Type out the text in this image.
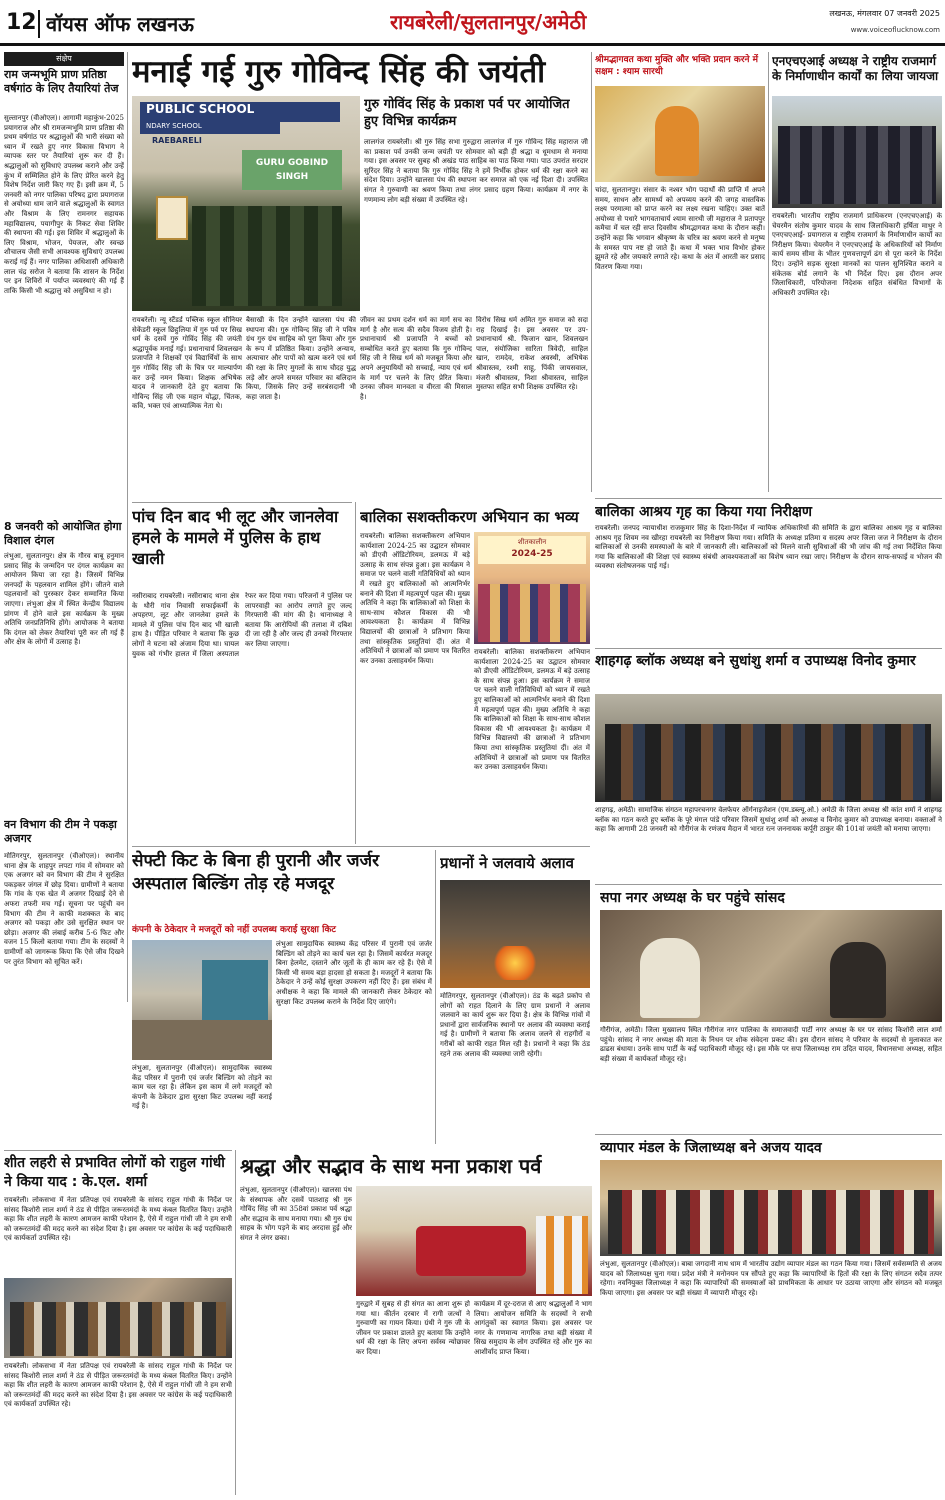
12 वॉयस ऑफ लखनऊ	रायबरेली/सुलतानपुर/अमेठी	लखनऊ, मंगलवार 07 जनवरी 2025
www.voiceoflucknow.com
संक्षेप
राम जन्मभूमि प्राण प्रतिष्ठा वर्षगांठ के लिए तैयारियां तेज
सुल्तानपुर (वीओएल)। आगामी महाकुंभ-2025 प्रयागराज और श्री रामजन्मभूमि प्राण प्रतिष्ठा की प्रथम वर्षगांठ पर श्रद्धालुओं की भारी संख्या को ध्यान में रखते हुए नगर विकास विभाग ने व्यापक स्तर पर तैयारियां शुरू कर दी हैं। श्रद्धालुओं को सुविधाएं उपलब्ध कराने और उन्हें कुंभ में सम्मिलित होने के लिए प्रेरित करने हेतु विशेष निर्देश जारी किए गए हैं। इसी क्रम में, 5 जनवरी को नगर पालिका परिषद द्वारा प्रयागराज से अयोध्या धाम जाने वाले श्रद्धालुओं के स्वागत और विश्राम के लिए रामनगर सहायक महाविद्यालय, पयागीपुर के निकट सेवा शिविर की स्थापना की गई। इस शिविर में श्रद्धालुओं के लिए विश्राम, भोजन, पेयजल, और स्वच्छ शौचालय जैसी सभी आवश्यक सुविधाएं उपलब्ध कराई गई हैं। नगर पालिका अधिशासी अधिकारी लाल चंद्र सरोज ने बताया कि शासन के निर्देश पर इन शिविरों में पर्याप्त व्यवस्थाएं की गई हैं ताकि किसी भी श्रद्धालु को असुविधा न हो।
8 जनवरी को आयोजित होगा विशाल दंगल
लंभुआ, सुलतानपुर। क्षेत्र के गौरव बाबू हनुमान प्रसाद सिंह के जन्मदिन पर दंगल कार्यक्रम का आयोजन किया जा रहा है। जिसमें विभिन्न जनपदों के पहलवान शामिल होंगे। जीतने वाले पहलवानों को पुरस्कार देकर सम्मानित किया जाएगा। लंभुआ क्षेत्र में स्थित केन्द्रीय विद्यालय प्रांगण में होने वाले इस कार्यक्रम के मुख्य अतिथि जनप्रतिनिधि होंगे। आयोजक ने बताया कि दंगल को लेकर तैयारियां पूरी कर ली गई हैं और क्षेत्र के लोगों में उत्साह है।
वन विभाग की टीम ने पकड़ा अजगर
मोतिगरपुर, सुलतानपुर (वीओएल)। स्थानीय थाना क्षेत्र के शाहपुर लपटा गांव में सोमवार को एक अजगर को वन विभाग की टीम ने सुरक्षित पकड़कर जंगल में छोड़ दिया। ग्रामीणों ने बताया कि गांव के एक खेत में अजगर दिखाई देने से अफरा तफरी मच गई। सूचना पर पहुंची वन विभाग की टीम ने काफी मशक्कत के बाद अजगर को पकड़ा और उसे सुरक्षित स्थान पर छोड़ा। अजगर की लंबाई करीब 5-6 फिट और वजन 15 किलो बताया गया। टीम के सदस्यों ने ग्रामीणों को जागरूक किया कि ऐसे जीव दिखने पर तुरंत विभाग को सूचित करें।
मनाई गई गुरु गोविन्द सिंह की जयंती
PUBLIC SCHOOL
NDARY SCHOOL
RAEBARELI
GURU GOBIND SINGH
गुरु गोविंद सिंह के प्रकाश पर्व पर आयोजित हुए विभिन्न कार्यक्रम
लालगंज रायबरेली। श्री गुरु सिंह सभा गुरुद्वारा लालगंज में गुरु गोविन्द सिंह महाराज जी का प्रकाश पर्व उनकी जन्म जयंती पर सोमवार को बड़ी ही श्रद्धा व धूमधाम से मनाया गया। इस अवसर पर सुबह श्री अखंड पाठ साहिब का पाठ किया गया। पाठ उपरांत सरदार सुरिंदर सिंह ने बताया कि गुरु गोविंद सिंह ने हमें निर्भीक होकर धर्म की रक्षा करने का संदेश दिया। उन्होंने खालसा पंथ की स्थापना कर समाज को एक नई दिशा दी। उपस्थित संगत ने गुरुवाणी का श्रवण किया तथा लंगर प्रसाद ग्रहण किया। कार्यक्रम में नगर के गणमान्य लोग बड़ी संख्या में उपस्थित रहे।
रायबरेली। न्यू स्टैंडर्ड पब्लिक स्कूल सीनियर सेकेंडरी स्कूल छिहुलिया में गुरु पर्व पर सिख धर्म के दसवें गुरु गोविंद सिंह की जयंती श्रद्धापूर्वक मनाई गई। प्रधानाचार्य शिवलखन प्रजापति ने शिक्षकों एवं विद्यार्थियों के साथ गुरु गोविंद सिंह जी के चित्र पर माल्यार्पण कर उन्हें नमन किया। शिक्षक अभिषेक यादव ने जानकारी देते हुए बताया कि गोविन्द सिंह जी एक महान योद्धा, चिंतक, कवि, भक्त एवं आध्यात्मिक नेता थे।
बैसाखी के दिन उन्होंने खालसा पंथ की स्थापना की। गुरु गोविन्द सिंह जी ने पवित्र ग्रंथ गुरु ग्रंथ साहिब को पूरा किया और गुरु के रूप में प्रतिष्ठित किया। उन्होंने अन्याय, अत्याचार और पापों को खत्म करने एवं धर्म की रक्षा के लिए मुगलों के साथ चौदह युद्ध लड़े और अपने समस्त परिवार का बलिदान किया, जिसके लिए उन्हें सरबंसदानी भी कहा जाता है।
जीवन का प्रथम दर्शन धर्म का मार्ग सच का मार्ग है और सत्य की सदैव विजय होती है। प्रधानाचार्य श्री प्रजापति ने बच्चों को सम्बोधित करते हुए बताया कि गुरु गोविन्द सिंह जी ने सिख धर्म को मजबूत किया और अपने अनुयायियों को सच्चाई, न्याय एवं धर्म के मार्ग पर चलने के लिए प्रेरित किया। उनका जीवन मानवता व वीरता की मिसाल है।
विरोध सिख धर्म अमित गुरु समाज को सदा राह दिखाई है। इस अवसर पर उप-प्रधानाचार्य श्री. फिजान खान, शिवलखन पाल, संयोजिका सारिता त्रिवेदी, साहिल खान, रामदेव, राकेश अवस्थी, अभिषेक श्रीवास्तव, रश्मी साहू, पिंकी जायसवाल, मंजरी श्रीवास्तव, निशा श्रीवास्तव, साहिल मुस्तफा सहित सभी शिक्षक उपस्थित रहे।
श्रीमद्भागवत कथा मुक्ति और भक्ति प्रदान करने में सक्षम : श्याम सारथी
चांदा, सुलतानपुर। संसार के नश्वर भोग पदार्थों की प्राप्ति में अपने समय, साधन और सामर्थ्य को अपव्यय करने की जगह वास्तविक लक्ष्य परमात्मा को प्राप्त करने का लक्ष्य रखना चाहिए। उक्त बातें अयोध्या से पधारे भागवताचार्य श्याम सारथी जी महाराज ने प्रतापपुर कमैचा में चल रही सप्त दिवसीय श्रीमद्भागवत कथा के दौरान कही। उन्होंने कहा कि भगवान श्रीकृष्ण के चरित्र का श्रवण करने से मनुष्य के समस्त पाप नष्ट हो जाते हैं। कथा में भक्त भाव विभोर होकर झूमते रहे और जयकारे लगाते रहे। कथा के अंत में आरती कर प्रसाद वितरण किया गया।
एनएचएआई अध्यक्ष ने राष्ट्रीय राजमार्ग के निर्माणाधीन कार्यों का लिया जायजा
रायबरेली। भारतीय राष्ट्रीय राजमार्ग प्राधिकरण (एनएचएआई) के चेयरमैन संतोष कुमार यादव के साथ जिलाधिकारी हर्षिता माथुर ने एनएचएआई- प्रयागराज व राष्ट्रीय राजमार्ग के निर्माणाधीन कार्यों का निरीक्षण किया। चेयरमैन ने एनएचएआई के अधिकारियों को निर्माण कार्य समय सीमा के भीतर गुणवत्तापूर्ण ढंग से पूरा करने के निर्देश दिए। उन्होंने सड़क सुरक्षा मानकों का पालन सुनिश्चित कराने व संकेतक बोर्ड लगाने के भी निर्देश दिए। इस दौरान अपर जिलाधिकारी, परियोजना निदेशक सहित संबंधित विभागों के अधिकारी उपस्थित रहे।
बालिका आश्रय गृह का किया गया निरीक्षण
रायबरेली। जनपद न्यायाधीश राजकुमार सिंह के दिशा-निर्देश में न्यायिक अधिकारियों की समिति के द्वारा बालिका आश्रय गृह व बालिका आश्रय गृह शिवम नव खीरहा रायबरेली का निरीक्षण किया गया। समिति के अध्यक्ष प्रतिमा व सदस्य अपर जिला जज ने निरीक्षण के दौरान बालिकाओं से उनकी समस्याओं के बारे में जानकारी ली। बालिकाओं को मिलने वाली सुविधाओं की भी जांच की गई तथा निर्देशित किया गया कि बालिकाओं की शिक्षा एवं स्वास्थ्य संबंधी आवश्यकताओं का विशेष ध्यान रखा जाए। निरीक्षण के दौरान साफ-सफाई व भोजन की व्यवस्था संतोषजनक पाई गई।
शाहगढ़ ब्लॉक अध्यक्ष बने सुधांशु शर्मा व उपाध्यक्ष विनोद कुमार
शाहगढ़, अमेठी। सामाजिक संगठन महापरचनगर वेलफेयर ऑर्गनाइजेशन (एम.डब्ल्यू.ओ.) अमेठी के जिला अध्यक्ष श्री कांत शर्मा ने शाहगढ़ ब्लॉक का गठन करते हुए ब्लॉक के पूरे मंगल पांडे परिवार जिसमें सुधांशु शर्मा को अध्यक्ष व विनोद कुमार को उपाध्यक्ष बनाया। वक्ताओं ने कहा कि आगामी 28 जनवरी को गौरीगंज के रणंजय मैदान में भारत रत्न जननायक कर्पूरी ठाकुर की 101वां जयंती को मनाया जाएगा।
सपा नगर अध्यक्ष के घर पहुंचे सांसद
गौरीगंज, अमेठी। जिला मुख्यालय स्थित गौरीगंज नगर पालिका के समाजवादी पार्टी नगर अध्यक्ष के घर पर सांसद किशोरी लाल शर्मा पहुंचे। सांसद ने नगर अध्यक्ष की माता के निधन पर शोक संवेदना प्रकट की। इस दौरान सांसद ने परिवार के सदस्यों से मुलाकात कर ढाढस बंधाया। उनके साथ पार्टी के कई पदाधिकारी मौजूद रहे। इस मौके पर सपा जिलाध्यक्ष राम उदित यादव, विधानसभा अध्यक्ष, सहित बड़ी संख्या में कार्यकर्ता मौजूद रहे।
व्यापार मंडल के जिलाध्यक्ष बने अजय यादव
लंभुआ, सुलतानपुर (वीओएल)। बाबा जगदानी नाथ धाम में भारतीय उद्योग व्यापार मंडल का गठन किया गया। जिसमें सर्वसम्मति से अजय यादव को जिलाध्यक्ष चुना गया। प्रदेश मंत्री ने मनोनयन पत्र सौंपते हुए कहा कि व्यापारियों के हितों की रक्षा के लिए संगठन सदैव तत्पर रहेगा। नवनियुक्त जिलाध्यक्ष ने कहा कि व्यापारियों की समस्याओं को प्राथमिकता के आधार पर उठाया जाएगा और संगठन को मजबूत किया जाएगा। इस अवसर पर बड़ी संख्या में व्यापारी मौजूद रहे।
पांच दिन बाद भी लूट और जानलेवा हमले के मामले में पुलिस के हाथ खाली
नसीराबाद रायबरेली। नसीराबाद थाना क्षेत्र के थौरी गांव निवासी सफाईकर्मी के अपहरण, लूट और जानलेवा हमले के मामले में पुलिस पांच दिन बाद भी खाली हाथ है। पीड़ित परिवार ने बताया कि कुछ लोगों ने घटना को अंजाम दिया था। घायल युवक को गंभीर हालत में जिला अस्पताल रेफर कर दिया गया। परिजनों ने पुलिस पर लापरवाही का आरोप लगाते हुए जल्द गिरफ्तारी की मांग की है। थानाध्यक्ष ने बताया कि आरोपियों की तलाश में दबिश दी जा रही है और जल्द ही उनको गिरफ्तार कर लिया जाएगा।
बालिका सशक्तीकरण अभियान का भव्य
रायबरेली। बालिका सशक्तीकरण अभियान कार्यशाला 2024-25 का उद्घाटन सोमवार को डीएवी ऑडिटोरियम, डलमऊ में बड़े उत्साह के साथ संपन्न हुआ। इस कार्यक्रम ने समाज पर चलने वाली गतिविधियों को ध्यान में रखते हुए बालिकाओं को आत्मनिर्भर बनाने की दिशा में महत्वपूर्ण पहल की। मुख्य अतिथि ने कहा कि बालिकाओं को शिक्षा के साथ-साथ कौशल विकास की भी आवश्यकता है। कार्यक्रम में विभिन्न विद्यालयों की छात्राओं ने प्रतिभाग किया तथा सांस्कृतिक प्रस्तुतियां दीं। अंत में अतिथियों ने छात्राओं को प्रमाण पत्र वितरित कर उनका उत्साहवर्धन किया।
शीतकालीन
2024-25
रायबरेली। बालिका सशक्तीकरण अभियान कार्यशाला 2024-25 का उद्घाटन सोमवार को डीएवी ऑडिटोरियम, डलमऊ में बड़े उत्साह के साथ संपन्न हुआ। इस कार्यक्रम ने समाज पर चलने वाली गतिविधियों को ध्यान में रखते हुए बालिकाओं को आत्मनिर्भर बनाने की दिशा में महत्वपूर्ण पहल की। मुख्य अतिथि ने कहा कि बालिकाओं को शिक्षा के साथ-साथ कौशल विकास की भी आवश्यकता है। कार्यक्रम में विभिन्न विद्यालयों की छात्राओं ने प्रतिभाग किया तथा सांस्कृतिक प्रस्तुतियां दीं। अंत में अतिथियों ने छात्राओं को प्रमाण पत्र वितरित कर उनका उत्साहवर्धन किया।
सेफ्टी किट के बिना ही पुरानी और जर्जर अस्पताल बिल्डिंग तोड़ रहे मजदूर
कंपनी के ठेकेदार ने मजदूरों को नहीं उपलब्ध कराई सुरक्षा किट
लंभुआ, सुलतानपुर (वीओएल)। सामुदायिक स्वास्थ्य केंद्र परिसर में पुरानी एवं जर्जर बिल्डिंग को तोड़ने का काम चल रहा है। लेकिन इस काम में लगे मजदूरों को कंपनी के ठेकेदार द्वारा सुरक्षा किट उपलब्ध नहीं कराई गई है।
लंभुआ सामुदायिक स्वास्थ्य केंद्र परिसर में पुरानी एवं जर्जर बिल्डिंग को तोड़ने का कार्य चल रहा है। जिसमें कार्यरत मजदूर बिना हेलमेट, दस्ताने और जूतों के ही काम कर रहे हैं। ऐसे में किसी भी समय बड़ा हादसा हो सकता है। मजदूरों ने बताया कि ठेकेदार ने उन्हें कोई सुरक्षा उपकरण नहीं दिए हैं। इस संबंध में अधीक्षक ने कहा कि मामले की जानकारी लेकर ठेकेदार को सुरक्षा किट उपलब्ध कराने के निर्देश दिए जाएंगे।
प्रधानों ने जलवाये अलाव
मोतिगरपुर, सुलतानपुर (वीओएल)। ठंड के बढ़ते प्रकोप से लोगों को राहत दिलाने के लिए ग्राम प्रधानों ने अलाव जलवाने का कार्य शुरू कर दिया है। क्षेत्र के विभिन्न गांवों में प्रधानों द्वारा सार्वजनिक स्थानों पर अलाव की व्यवस्था कराई गई है। ग्रामीणों ने बताया कि अलाव जलने से राहगीरों व गरीबों को काफी राहत मिल रही है। प्रधानों ने कहा कि ठंड रहने तक अलाव की व्यवस्था जारी रहेगी।
शीत लहरी से प्रभावित लोगों को राहुल गांधी ने किया याद : के.एल. शर्मा
रायबरेली। लोकसभा में नेता प्रतिपक्ष एवं रायबरेली के सांसद राहुल गांधी के निर्देश पर सांसद किशोरी लाल शर्मा ने ठंड से पीड़ित जरूरतमंदों के मध्य कंबल वितरित किए। उन्होंने कहा कि शीत लहरी के कारण आमजन काफी परेशान है, ऐसे में राहुल गांधी जी ने हम सभी को जरूरतमंदों की मदद करने का संदेश दिया है। इस अवसर पर कांग्रेस के कई पदाधिकारी एवं कार्यकर्ता उपस्थित रहे।
रायबरेली। लोकसभा में नेता प्रतिपक्ष एवं रायबरेली के सांसद राहुल गांधी के निर्देश पर सांसद किशोरी लाल शर्मा ने ठंड से पीड़ित जरूरतमंदों के मध्य कंबल वितरित किए। उन्होंने कहा कि शीत लहरी के कारण आमजन काफी परेशान है, ऐसे में राहुल गांधी जी ने हम सभी को जरूरतमंदों की मदद करने का संदेश दिया है। इस अवसर पर कांग्रेस के कई पदाधिकारी एवं कार्यकर्ता उपस्थित रहे।
श्रद्धा और सद्भाव के साथ मना प्रकाश पर्व
लंभुआ, सुलतानपुर (वीओएल)। खालसा पंथ के संस्थापक और दसवें पातशाह श्री गुरु गोविंद सिंह जी का 358वां प्रकाश पर्व श्रद्धा और सद्भाव के साथ मनाया गया। श्री गुरु ग्रंथ साहब के भोग पड़ने के बाद अरदास हुई और संगत ने लंगर छका।
गुरुद्वारे में सुबह से ही संगत का आना शुरू हो गया था। कीर्तन दरबार में रागी जत्थों ने गुरुवाणी का गायन किया। ग्रंथी ने गुरु जी के जीवन पर प्रकाश डालते हुए बताया कि उन्होंने धर्म की रक्षा के लिए अपना सर्वस्व न्योछावर कर दिया।
कार्यक्रम में दूर-दराज से आए श्रद्धालुओं ने भाग लिया। आयोजन समिति के सदस्यों ने सभी आगंतुकों का स्वागत किया। इस अवसर पर नगर के गणमान्य नागरिक तथा बड़ी संख्या में सिख समुदाय के लोग उपस्थित रहे और गुरु का आशीर्वाद प्राप्त किया।
